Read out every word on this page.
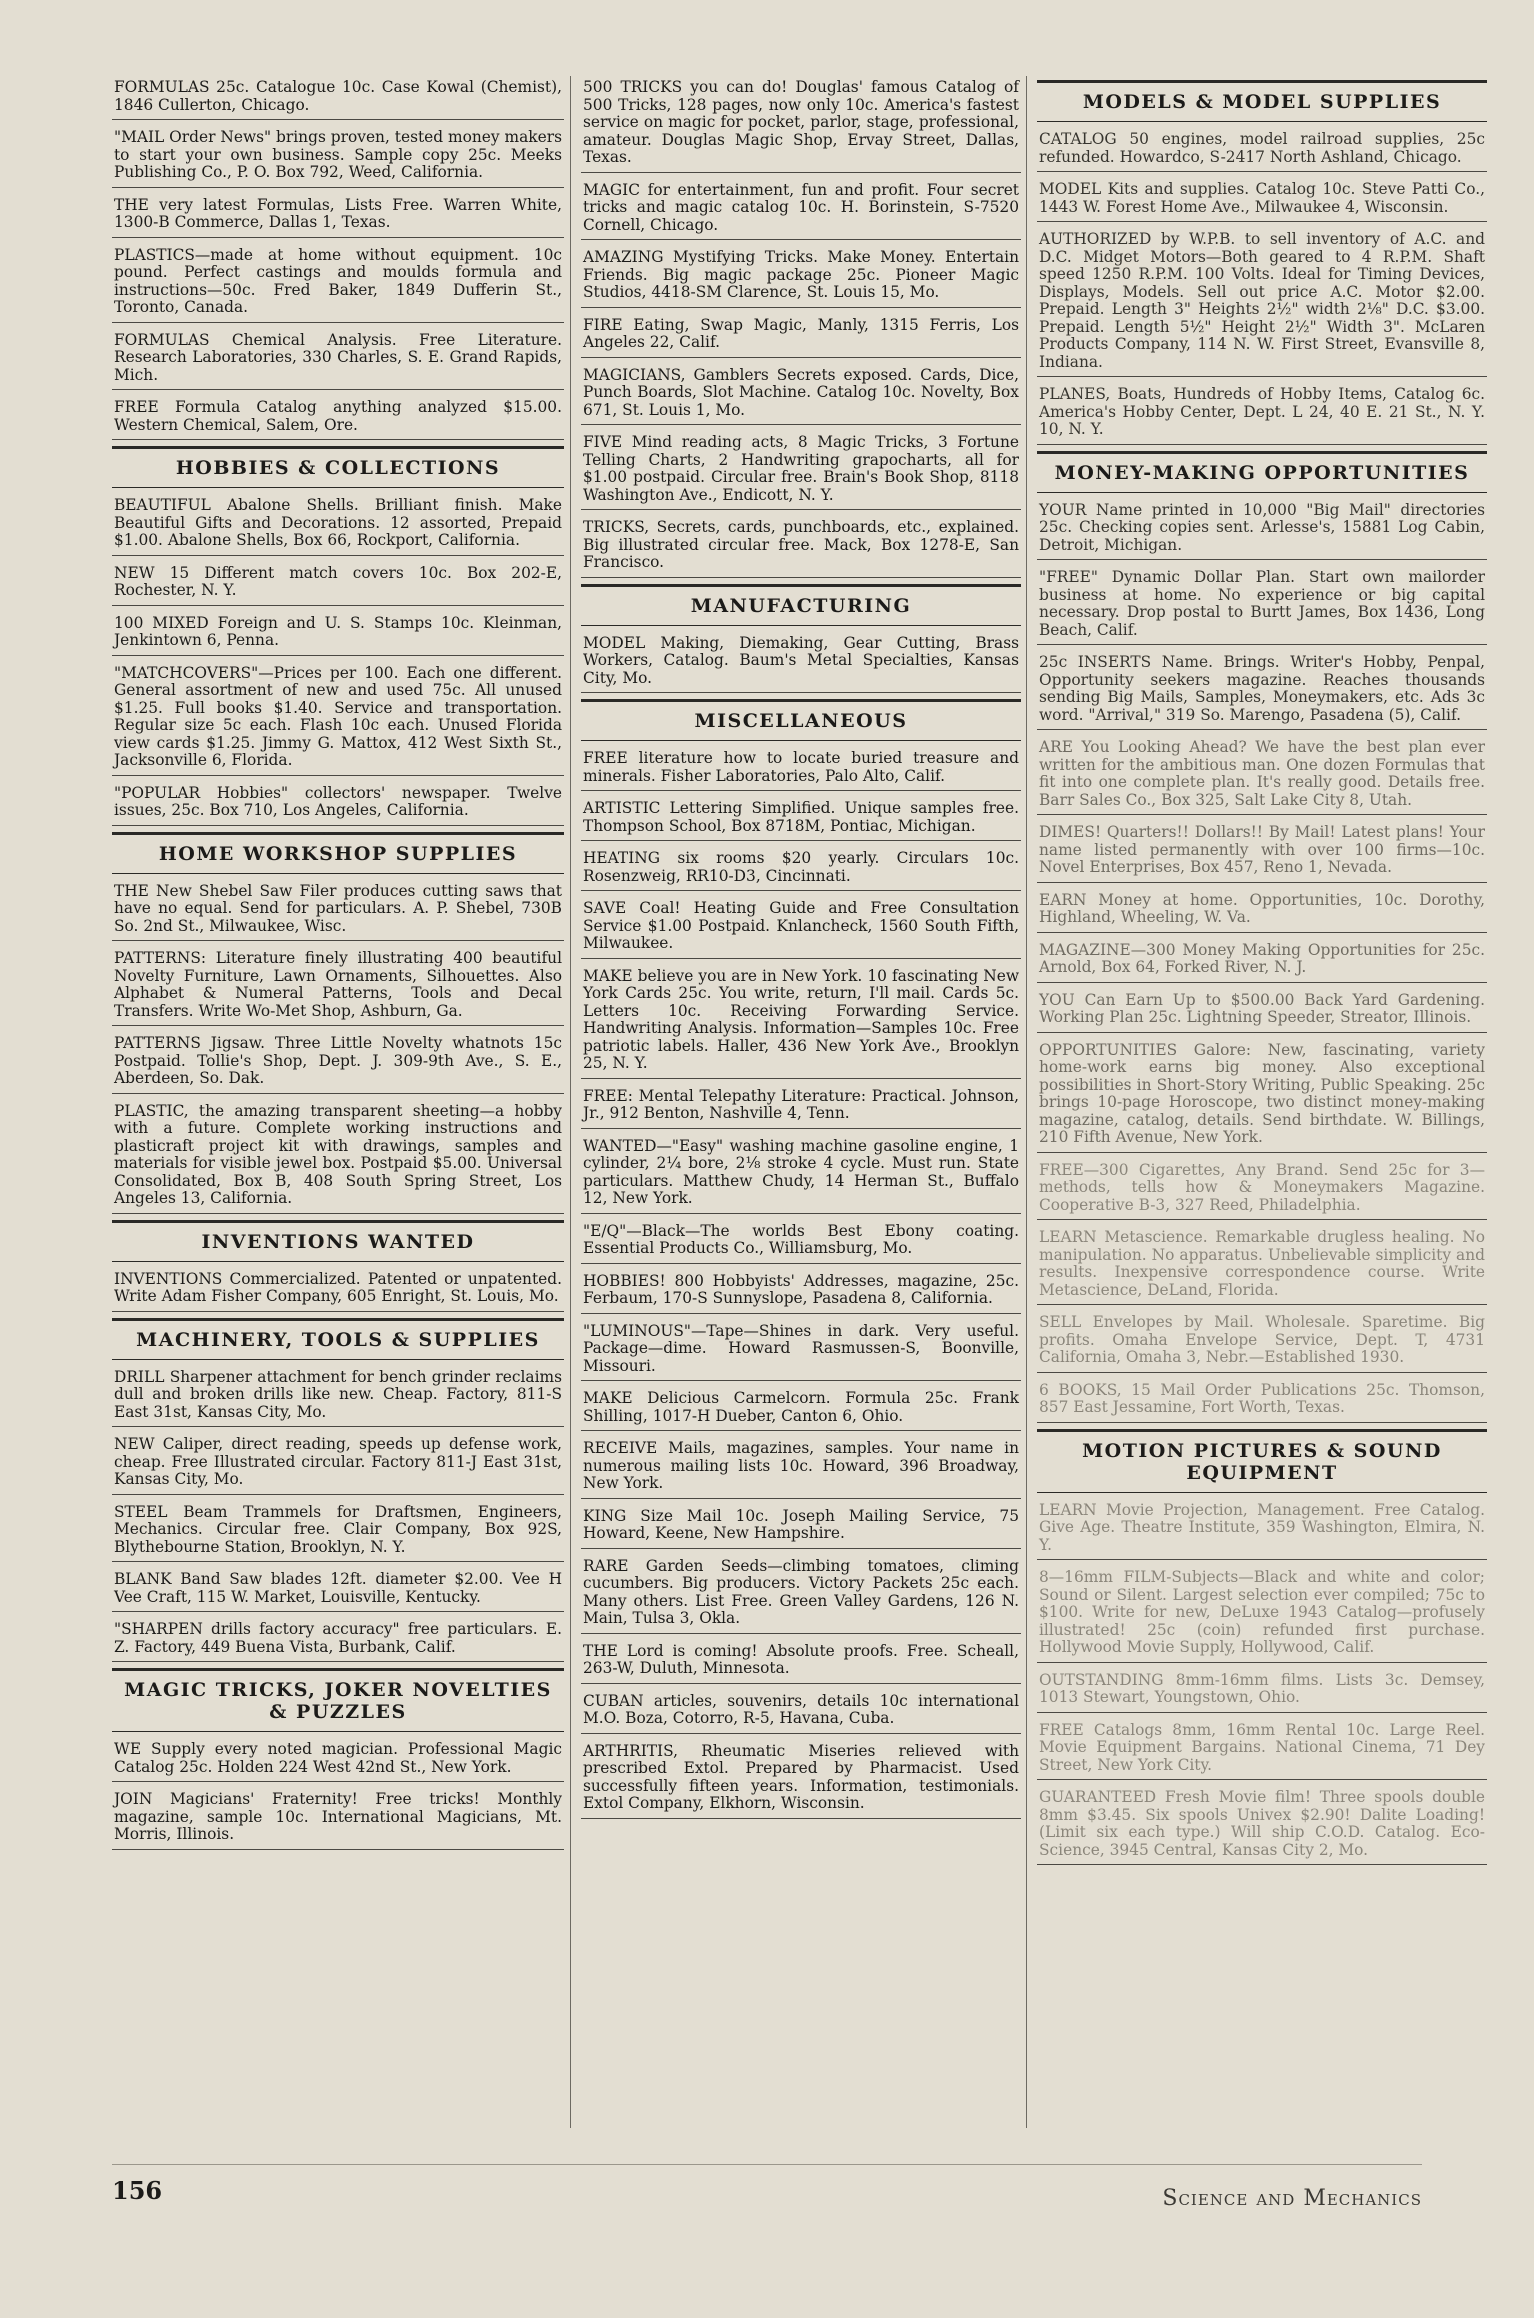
FORMULAS 25c. Catalogue 10c. Case Kowal (Chemist), 1846 Cullerton, Chicago.
"MAIL Order News" brings proven, tested money makers to start your own business. Sample copy 25c. Meeks Publishing Co., P. O. Box 792, Weed, California.
THE very latest Formulas, Lists Free. Warren White, 1300-B Commerce, Dallas 1, Texas.
PLASTICS—made at home without equipment. 10c pound. Perfect castings and moulds formula and instructions—50c. Fred Baker, 1849 Dufferin St., Toronto, Canada.
FORMULAS Chemical Analysis. Free Literature. Research Laboratories, 330 Charles, S. E. Grand Rapids, Mich.
FREE Formula Catalog anything analyzed $15.00. Western Chemical, Salem, Ore.
HOBBIES & COLLECTIONS
BEAUTIFUL Abalone Shells. Brilliant finish. Make Beautiful Gifts and Decorations. 12 assorted, Prepaid $1.00. Abalone Shells, Box 66, Rockport, California.
NEW 15 Different match covers 10c. Box 202-E, Rochester, N. Y.
100 MIXED Foreign and U. S. Stamps 10c. Kleinman, Jenkintown 6, Penna.
"MATCHCOVERS"—Prices per 100. Each one different. General assortment of new and used 75c. All unused $1.25. Full books $1.40. Service and transportation. Regular size 5c each. Flash 10c each. Unused Florida view cards $1.25. Jimmy G. Mattox, 412 West Sixth St., Jacksonville 6, Florida.
"POPULAR Hobbies" collectors' newspaper. Twelve issues, 25c. Box 710, Los Angeles, California.
HOME WORKSHOP SUPPLIES
THE New Shebel Saw Filer produces cutting saws that have no equal. Send for particulars. A. P. Shebel, 730B So. 2nd St., Milwaukee, Wisc.
PATTERNS: Literature finely illustrating 400 beautiful Novelty Furniture, Lawn Ornaments, Silhouettes. Also Alphabet & Numeral Patterns, Tools and Decal Transfers. Write Wo-Met Shop, Ashburn, Ga.
PATTERNS Jigsaw. Three Little Novelty whatnots 15c Postpaid. Tollie's Shop, Dept. J. 309-9th Ave., S. E., Aberdeen, So. Dak.
PLASTIC, the amazing transparent sheeting—a hobby with a future. Complete working instructions and plasticraft project kit with drawings, samples and materials for visible jewel box. Postpaid $5.00. Universal Consolidated, Box B, 408 South Spring Street, Los Angeles 13, California.
INVENTIONS WANTED
INVENTIONS Commercialized. Patented or unpatented. Write Adam Fisher Company, 605 Enright, St. Louis, Mo.
MACHINERY, TOOLS & SUPPLIES
DRILL Sharpener attachment for bench grinder reclaims dull and broken drills like new. Cheap. Factory, 811-S East 31st, Kansas City, Mo.
NEW Caliper, direct reading, speeds up defense work, cheap. Free Illustrated circular. Factory 811-J East 31st, Kansas City, Mo.
STEEL Beam Trammels for Draftsmen, Engineers, Mechanics. Circular free. Clair Company, Box 92S, Blythebourne Station, Brooklyn, N. Y.
BLANK Band Saw blades 12ft. diameter $2.00. Vee H Vee Craft, 115 W. Market, Louisville, Kentucky.
"SHARPEN drills factory accuracy" free particulars. E. Z. Factory, 449 Buena Vista, Burbank, Calif.
MAGIC TRICKS, JOKER NOVELTIES & PUZZLES
WE Supply every noted magician. Professional Magic Catalog 25c. Holden 224 West 42nd St., New York.
JOIN Magicians' Fraternity! Free tricks! Monthly magazine, sample 10c. International Magicians, Mt. Morris, Illinois.
500 TRICKS you can do! Douglas' famous Catalog of 500 Tricks, 128 pages, now only 10c. America's fastest service on magic for pocket, parlor, stage, professional, amateur. Douglas Magic Shop, Ervay Street, Dallas, Texas.
MAGIC for entertainment, fun and profit. Four secret tricks and magic catalog 10c. H. Borinstein, S-7520 Cornell, Chicago.
AMAZING Mystifying Tricks. Make Money. Entertain Friends. Big magic package 25c. Pioneer Magic Studios, 4418-SM Clarence, St. Louis 15, Mo.
FIRE Eating, Swap Magic, Manly, 1315 Ferris, Los Angeles 22, Calif.
MAGICIANS, Gamblers Secrets exposed. Cards, Dice, Punch Boards, Slot Machine. Catalog 10c. Novelty, Box 671, St. Louis 1, Mo.
FIVE Mind reading acts, 8 Magic Tricks, 3 Fortune Telling Charts, 2 Handwriting grapocharts, all for $1.00 postpaid. Circular free. Brain's Book Shop, 8118 Washington Ave., Endicott, N. Y.
TRICKS, Secrets, cards, punchboards, etc., explained. Big illustrated circular free. Mack, Box 1278-E, San Francisco.
MANUFACTURING
MODEL Making, Diemaking, Gear Cutting, Brass Workers, Catalog. Baum's Metal Specialties, Kansas City, Mo.
MISCELLANEOUS
FREE literature how to locate buried treasure and minerals. Fisher Laboratories, Palo Alto, Calif.
ARTISTIC Lettering Simplified. Unique samples free. Thompson School, Box 8718M, Pontiac, Michigan.
HEATING six rooms $20 yearly. Circulars 10c. Rosenzweig, RR10-D3, Cincinnati.
SAVE Coal! Heating Guide and Free Consultation Service $1.00 Postpaid. Knlancheck, 1560 South Fifth, Milwaukee.
MAKE believe you are in New York. 10 fascinating New York Cards 25c. You write, return, I'll mail. Cards 5c. Letters 10c. Receiving Forwarding Service. Handwriting Analysis. Information—Samples 10c. Free patriotic labels. Haller, 436 New York Ave., Brooklyn 25, N. Y.
FREE: Mental Telepathy Literature: Practical. Johnson, Jr., 912 Benton, Nashville 4, Tenn.
WANTED—"Easy" washing machine gasoline engine, 1 cylinder, 2¼ bore, 2⅛ stroke 4 cycle. Must run. State particulars. Matthew Chudy, 14 Herman St., Buffalo 12, New York.
"E/Q"—Black—The worlds Best Ebony coating. Essential Products Co., Williamsburg, Mo.
HOBBIES! 800 Hobbyists' Addresses, magazine, 25c. Ferbaum, 170-S Sunnyslope, Pasadena 8, California.
"LUMINOUS"—Tape—Shines in dark. Very useful. Package—dime. Howard Rasmussen-S, Boonville, Missouri.
MAKE Delicious Carmelcorn. Formula 25c. Frank Shilling, 1017-H Dueber, Canton 6, Ohio.
RECEIVE Mails, magazines, samples. Your name in numerous mailing lists 10c. Howard, 396 Broadway, New York.
KING Size Mail 10c. Joseph Mailing Service, 75 Howard, Keene, New Hampshire.
RARE Garden Seeds—climbing tomatoes, climing cucumbers. Big producers. Victory Packets 25c each. Many others. List Free. Green Valley Gardens, 126 N. Main, Tulsa 3, Okla.
THE Lord is coming! Absolute proofs. Free. Scheall, 263-W, Duluth, Minnesota.
CUBAN articles, souvenirs, details 10c international M.O. Boza, Cotorro, R-5, Havana, Cuba.
ARTHRITIS, Rheumatic Miseries relieved with prescribed Extol. Prepared by Pharmacist. Used successfully fifteen years. Information, testimonials. Extol Company, Elkhorn, Wisconsin.
MODELS & MODEL SUPPLIES
CATALOG 50 engines, model railroad supplies, 25c refunded. Howardco, S-2417 North Ashland, Chicago.
MODEL Kits and supplies. Catalog 10c. Steve Patti Co., 1443 W. Forest Home Ave., Milwaukee 4, Wisconsin.
AUTHORIZED by W.P.B. to sell inventory of A.C. and D.C. Midget Motors—Both geared to 4 R.P.M. Shaft speed 1250 R.P.M. 100 Volts. Ideal for Timing Devices, Displays, Models. Sell out price A.C. Motor $2.00. Prepaid. Length 3" Heights 2½" width 2⅛" D.C. $3.00. Prepaid. Length 5½" Height 2½" Width 3". McLaren Products Company, 114 N. W. First Street, Evansville 8, Indiana.
PLANES, Boats, Hundreds of Hobby Items, Catalog 6c. America's Hobby Center, Dept. L 24, 40 E. 21 St., N. Y. 10, N. Y.
MONEY-MAKING OPPORTUNITIES
YOUR Name printed in 10,000 "Big Mail" directories 25c. Checking copies sent. Arlesse's, 15881 Log Cabin, Detroit, Michigan.
"FREE" Dynamic Dollar Plan. Start own mailorder business at home. No experience or big capital necessary. Drop postal to Burtt James, Box 1436, Long Beach, Calif.
25c INSERTS Name. Brings. Writer's Hobby, Penpal, Opportunity seekers magazine. Reaches thousands sending Big Mails, Samples, Moneymakers, etc. Ads 3c word. "Arrival," 319 So. Marengo, Pasadena (5), Calif.
ARE You Looking Ahead? We have the best plan ever written for the ambitious man. One dozen Formulas that fit into one complete plan. It's really good. Details free. Barr Sales Co., Box 325, Salt Lake City 8, Utah.
DIMES! Quarters!! Dollars!! By Mail! Latest plans! Your name listed permanently with over 100 firms—10c. Novel Enterprises, Box 457, Reno 1, Nevada.
EARN Money at home. Opportunities, 10c. Dorothy, Highland, Wheeling, W. Va.
MAGAZINE—300 Money Making Opportunities for 25c. Arnold, Box 64, Forked River, N. J.
YOU Can Earn Up to $500.00 Back Yard Gardening. Working Plan 25c. Lightning Speeder, Streator, Illinois.
OPPORTUNITIES Galore: New, fascinating, variety home-work earns big money. Also exceptional possibilities in Short-Story Writing, Public Speaking. 25c brings 10-page Horoscope, two distinct money-making magazine, catalog, details. Send birthdate. W. Billings, 210 Fifth Avenue, New York.
FREE—300 Cigarettes, Any Brand. Send 25c for 3—methods, tells how & Moneymakers Magazine. Cooperative B-3, 327 Reed, Philadelphia.
LEARN Metascience. Remarkable drugless healing. No manipulation. No apparatus. Unbelievable simplicity and results. Inexpensive correspondence course. Write Metascience, DeLand, Florida.
SELL Envelopes by Mail. Wholesale. Sparetime. Big profits. Omaha Envelope Service, Dept. T, 4731 California, Omaha 3, Nebr.—Established 1930.
6 BOOKS, 15 Mail Order Publications 25c. Thomson, 857 East Jessamine, Fort Worth, Texas.
MOTION PICTURES & SOUND EQUIPMENT
LEARN Movie Projection, Management. Free Catalog. Give Age. Theatre Institute, 359 Washington, Elmira, N. Y.
8—16mm FILM-Subjects—Black and white and color; Sound or Silent. Largest selection ever compiled; 75c to $100. Write for new, DeLuxe 1943 Catalog—profusely illustrated! 25c (coin) refunded first purchase. Hollywood Movie Supply, Hollywood, Calif.
OUTSTANDING 8mm-16mm films. Lists 3c. Demsey, 1013 Stewart, Youngstown, Ohio.
FREE Catalogs 8mm, 16mm Rental 10c. Large Reel. Movie Equipment Bargains. National Cinema, 71 Dey Street, New York City.
GUARANTEED Fresh Movie film! Three spools double 8mm $3.45. Six spools Univex $2.90! Dalite Loading! (Limit six each type.) Will ship C.O.D. Catalog. Eco-Science, 3945 Central, Kansas City 2, Mo.
156	Science and Mechanics
